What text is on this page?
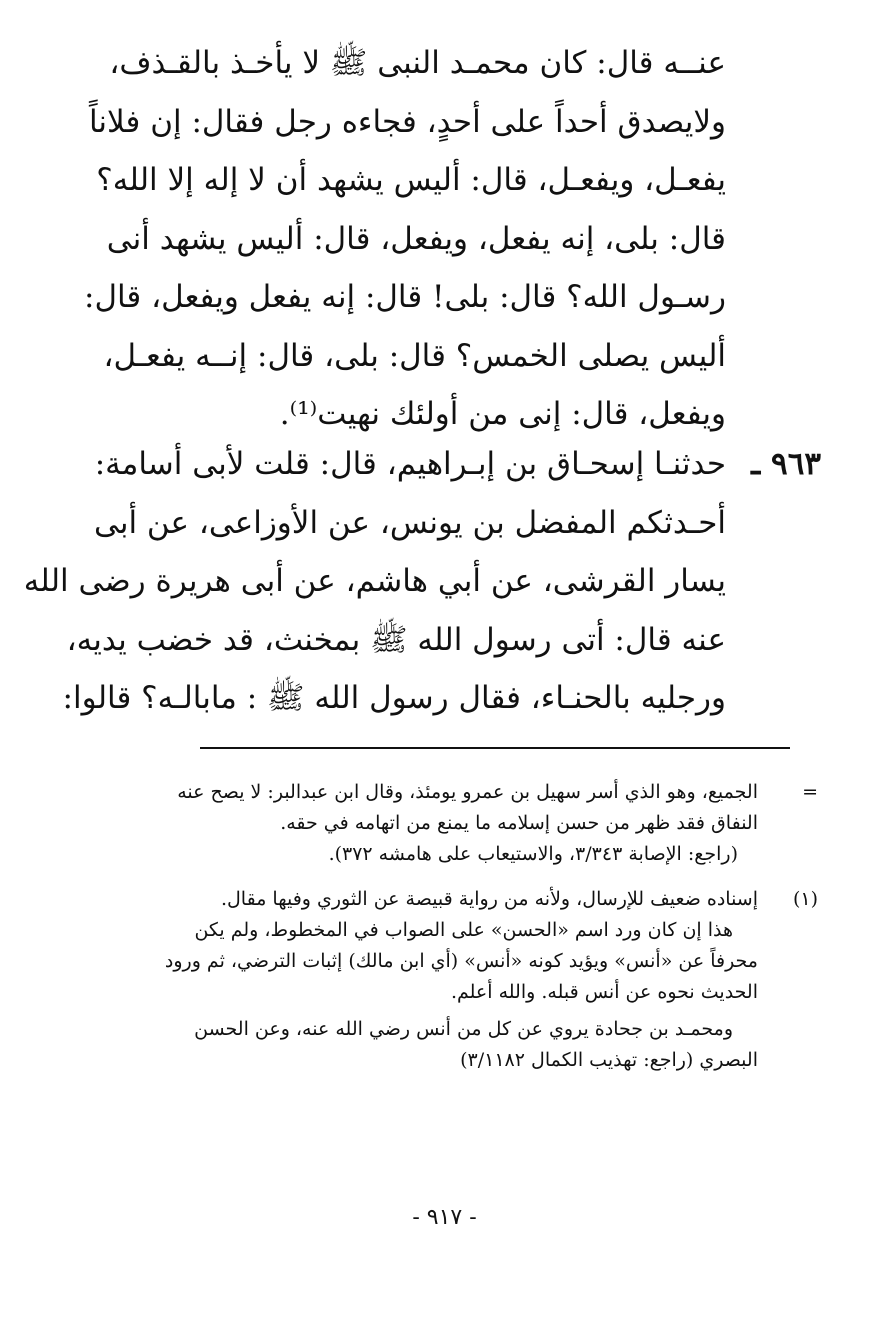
عنــه قال: كان محمـد النبى ﷺ لا يأخـذ بالقـذف،
ولايصدق أحداً على أحدٍ، فجاءه رجل فقال: إن فلاناً
يفعـل، ويفعـل، قال: أليس يشهد أن لا إله إلا الله؟
قال: بلى، إنه يفعل، ويفعل، قال: أليس يشهد أنى
رسـول الله؟ قال: بلى! قال: إنه يفعل ويفعل، قال:
أليس يصلى الخمس؟ قال: بلى، قال: إنــه يفعـل،
ويفعل، قال: إنى من أولئك نهيت⁽¹⁾.
٩٦٣ ـ
حدثنـا إسحـاق بن إبـراهيم، قال: قلت لأبى أسامة:
أحـدثكم المفضل بن يونس، عن الأوزاعى، عن أبى
يسار القرشى، عن أبي هاشم، عن أبى هريرة رضى الله
عنه قال: أتى رسول الله ﷺ بمخنث، قد خضب يديه،
ورجليه بالحنـاء، فقال رسول الله ﷺ : مابالـه؟ قالوا:
=
الجميع، وهو الذي أسر سهيل بن عمرو يومئذ، وقال ابن عبدالبر: لا يصح عنه
النفاق فقد ظهر من حسن إسلامه ما يمنع من اتهامه في حقه.
(راجع: الإصابة ٣/٣٤٣، والاستيعاب على هامشه ٣٧٢).
(١)
إسناده ضعيف للإرسال، ولأنه من رواية قبيصة عن الثوري وفيها مقال.
هذا إن كان ورد اسم «الحسن» على الصواب في المخطوط، ولم يكن
محرفاً عن «أنس» ويؤيد كونه «أنس» (أي ابن مالك) إثبات الترضي، ثم ورود
الحديث نحوه عن أنس قبله. والله أعلم.
ومحمـد بن جحادة يروي عن كل من أنس رضي الله عنه، وعن الحسن
البصري (راجع: تهذيب الكمال ٣/١١٨٢)
- ٩١٧ -
